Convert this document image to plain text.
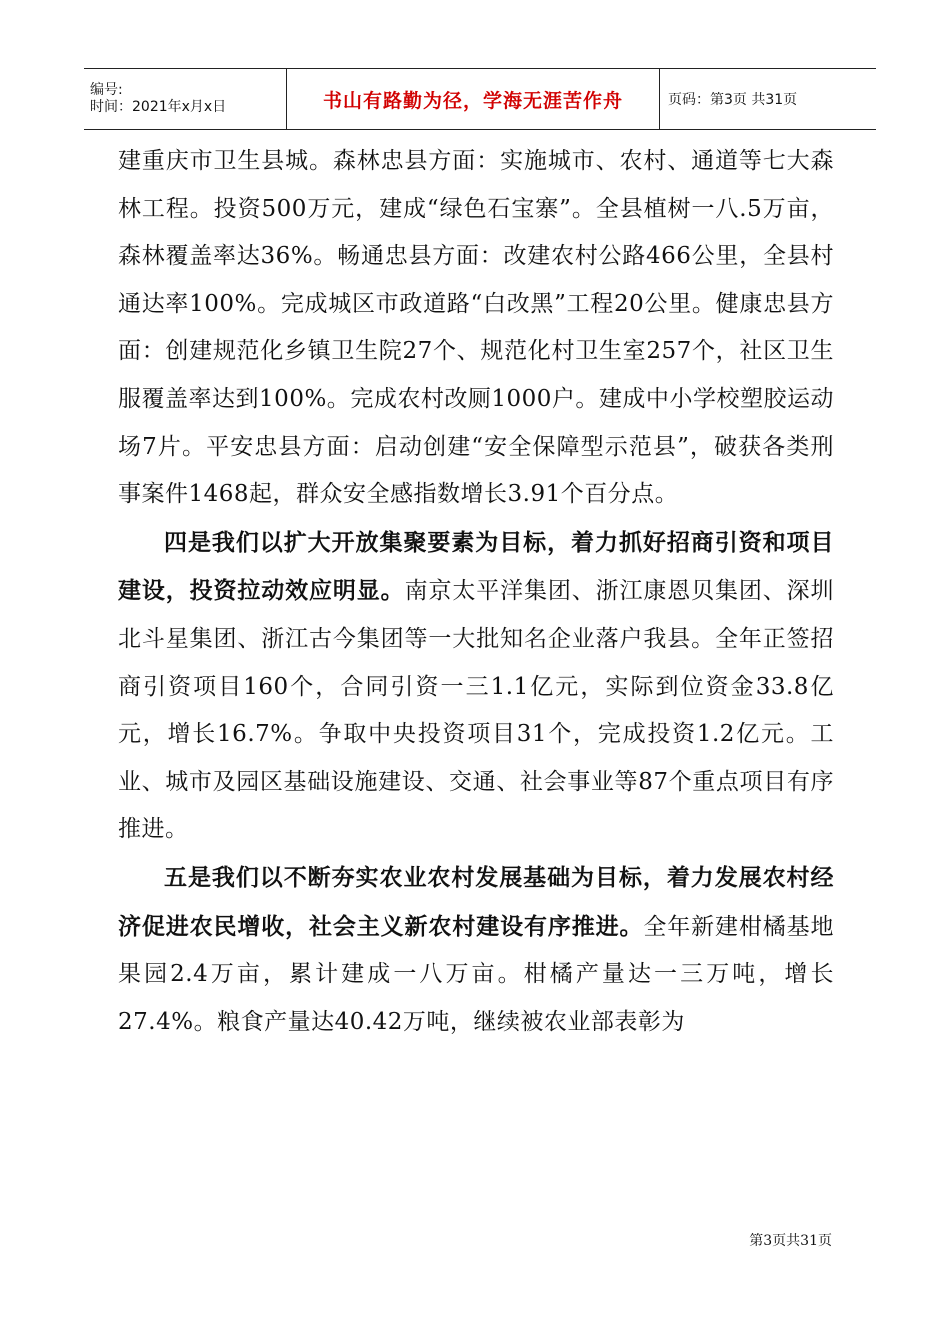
编号:
时间：2021年x月x日	书山有路勤为径，学海无涯苦作舟	页码：第3页 共31页

建重庆市卫生县城。森林忠县方面：实施城市、农村、通道等七大森林工程。投资500万元，建成“绿色石宝寨”。全县植树一八.5万亩，森林覆盖率达36%。畅通忠县方面：改建农村公路466公里，全县村通达率100%。完成城区市政道路“白改黑”工程20公里。健康忠县方面：创建规范化乡镇卫生院27个、规范化村卫生室257个，社区卫生服覆盖率达到100%。完成农村改厕1000户。建成中小学校塑胶运动场7片。平安忠县方面：启动创建“安全保障型示范县”，破获各类刑事案件1468起，群众安全感指数增长3.91个百分点。

四是我们以扩大开放集聚要素为目标，着力抓好招商引资和项目建设，投资拉动效应明显。南京太平洋集团、浙江康恩贝集团、深圳北斗星集团、浙江古今集团等一大批知名企业落户我县。全年正签招商引资项目160个，合同引资一三1.1亿元，实际到位资金33.8亿元，增长16.7%。争取中央投资项目31个，完成投资1.2亿元。工业、城市及园区基础设施建设、交通、社会事业等87个重点项目有序推进。

五是我们以不断夯实农业农村发展基础为目标，着力发展农村经济促进农民增收，社会主义新农村建设有序推进。全年新建柑橘基地果园2.4万亩，累计建成一八万亩。柑橘产量达一三万吨，增长27.4%。粮食产量达40.42万吨，继续被农业部表彰为

第3页共31页
